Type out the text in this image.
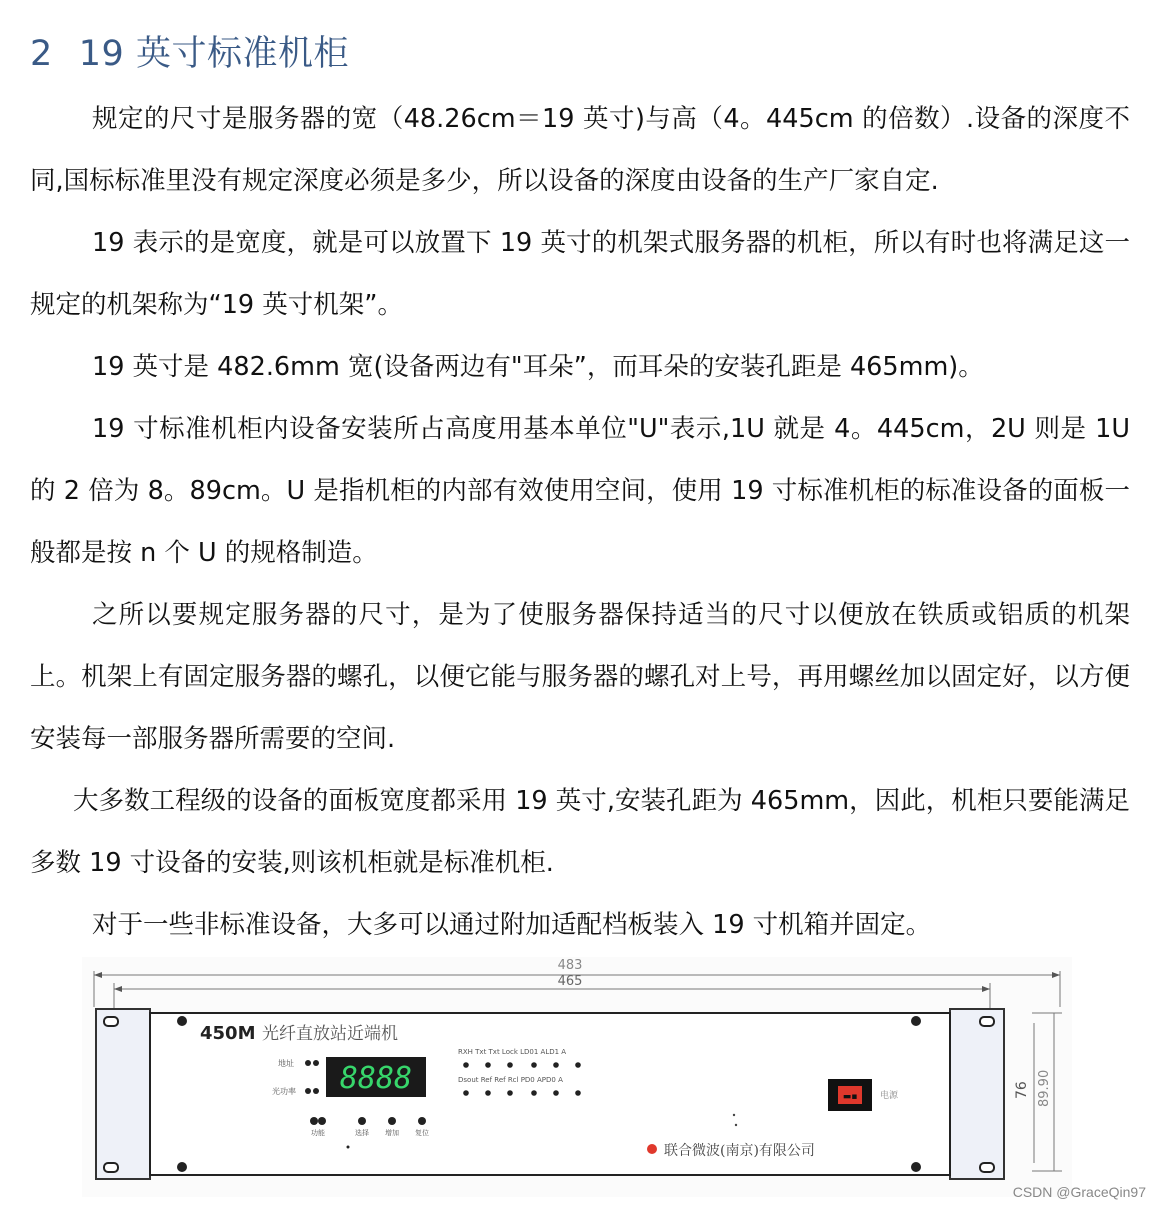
2 19 英寸标准机柜
规定的尺寸是服务器的宽（48.26cm＝19 英寸)与高（4。445cm 的倍数）.设备的深度不同,国标标准里没有规定深度必须是多少，所以设备的深度由设备的生产厂家自定.
19 表示的是宽度，就是可以放置下 19 英寸的机架式服务器的机柜，所以有时也将满足这一规定的机架称为“19 英寸机架”。
19 英寸是 482.6mm 宽(设备两边有"耳朵”，而耳朵的安装孔距是 465mm)。
19 寸标准机柜内设备安装所占高度用基本单位"U"表示,1U 就是 4。445cm，2U 则是 1U 的 2 倍为 8。89cm。U 是指机柜的内部有效使用空间，使用 19 寸标准机柜的标准设备的面板一般都是按 n 个 U 的规格制造。
之所以要规定服务器的尺寸，是为了使服务器保持适当的尺寸以便放在铁质或铝质的机架上。机架上有固定服务器的螺孔，以便它能与服务器的螺孔对上号，再用螺丝加以固定好，以方便安装每一部服务器所需要的空间.
大多数工程级的设备的面板宽度都采用 19 英寸,安装孔距为 465mm，因此，机柜只要能满足多数 19 寸设备的安装,则该机柜就是标准机柜.
对于一些非标准设备，大多可以通过附加适配档板装入 19 寸机箱并固定。
483
465
76 89.90
450M 光纤直放站近端机
地址
光功率 8888
RXH Txt Txt Lock LD01 ALD1 A
Dsout Ref Ref Rcl PD0 APD0 A
功能	选择 增加 复位
▬▪	电源
联合微波(南京)有限公司
CSDN @GraceQin97
